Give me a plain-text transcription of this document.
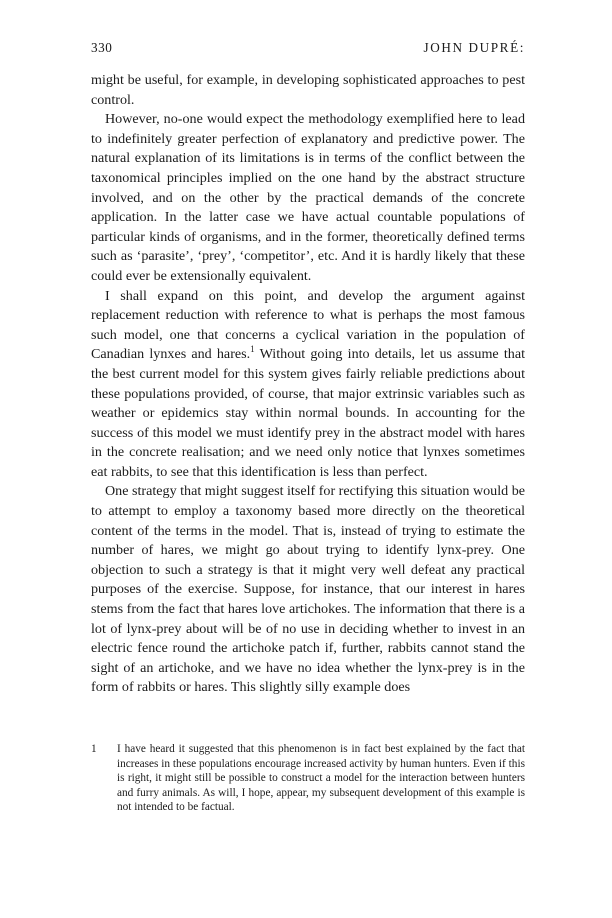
330	JOHN DUPRÉ:

might be useful, for example, in developing sophisticated approaches to pest control.

However, no-one would expect the methodology exemplified here to lead to indefinitely greater perfection of explanatory and predictive power. The natural explanation of its limitations is in terms of the conflict between the taxonomical principles implied on the one hand by the abstract structure involved, and on the other by the practical demands of the concrete application. In the latter case we have actual countable populations of particular kinds of organisms, and in the former, theoretically defined terms such as ‘parasite’, ‘prey’, ‘competitor’, etc. And it is hardly likely that these could ever be extensionally equivalent.

I shall expand on this point, and develop the argument against replacement reduction with reference to what is perhaps the most famous such model, one that concerns a cyclical variation in the population of Canadian lynxes and hares.$^1$ Without going into details, let us assume that the best current model for this system gives fairly reliable predictions about these populations provided, of course, that major extrinsic variables such as weather or epidemics stay within normal bounds. In accounting for the success of this model we must identify prey in the abstract model with hares in the concrete realisation; and we need only notice that lynxes sometimes eat rabbits, to see that this identification is less than perfect.

One strategy that might suggest itself for rectifying this situation would be to attempt to employ a taxonomy based more directly on the theoretical content of the terms in the model. That is, instead of trying to estimate the number of hares, we might go about trying to identify lynx-prey. One objection to such a strategy is that it might very well defeat any practical purposes of the exercise. Suppose, for instance, that our interest in hares stems from the fact that hares love artichokes. The information that there is a lot of lynx-prey about will be of no use in deciding whether to invest in an electric fence round the artichoke patch if, further, rabbits cannot stand the sight of an artichoke, and we have no idea whether the lynx-prey is in the form of rabbits or hares. This slightly silly example does

1 I have heard it suggested that this phenomenon is in fact best explained by the fact that increases in these populations encourage increased activity by human hunters. Even if this is right, it might still be possible to construct a model for the interaction between hunters and furry animals. As will, I hope, appear, my subsequent development of this example is not intended to be factual.
